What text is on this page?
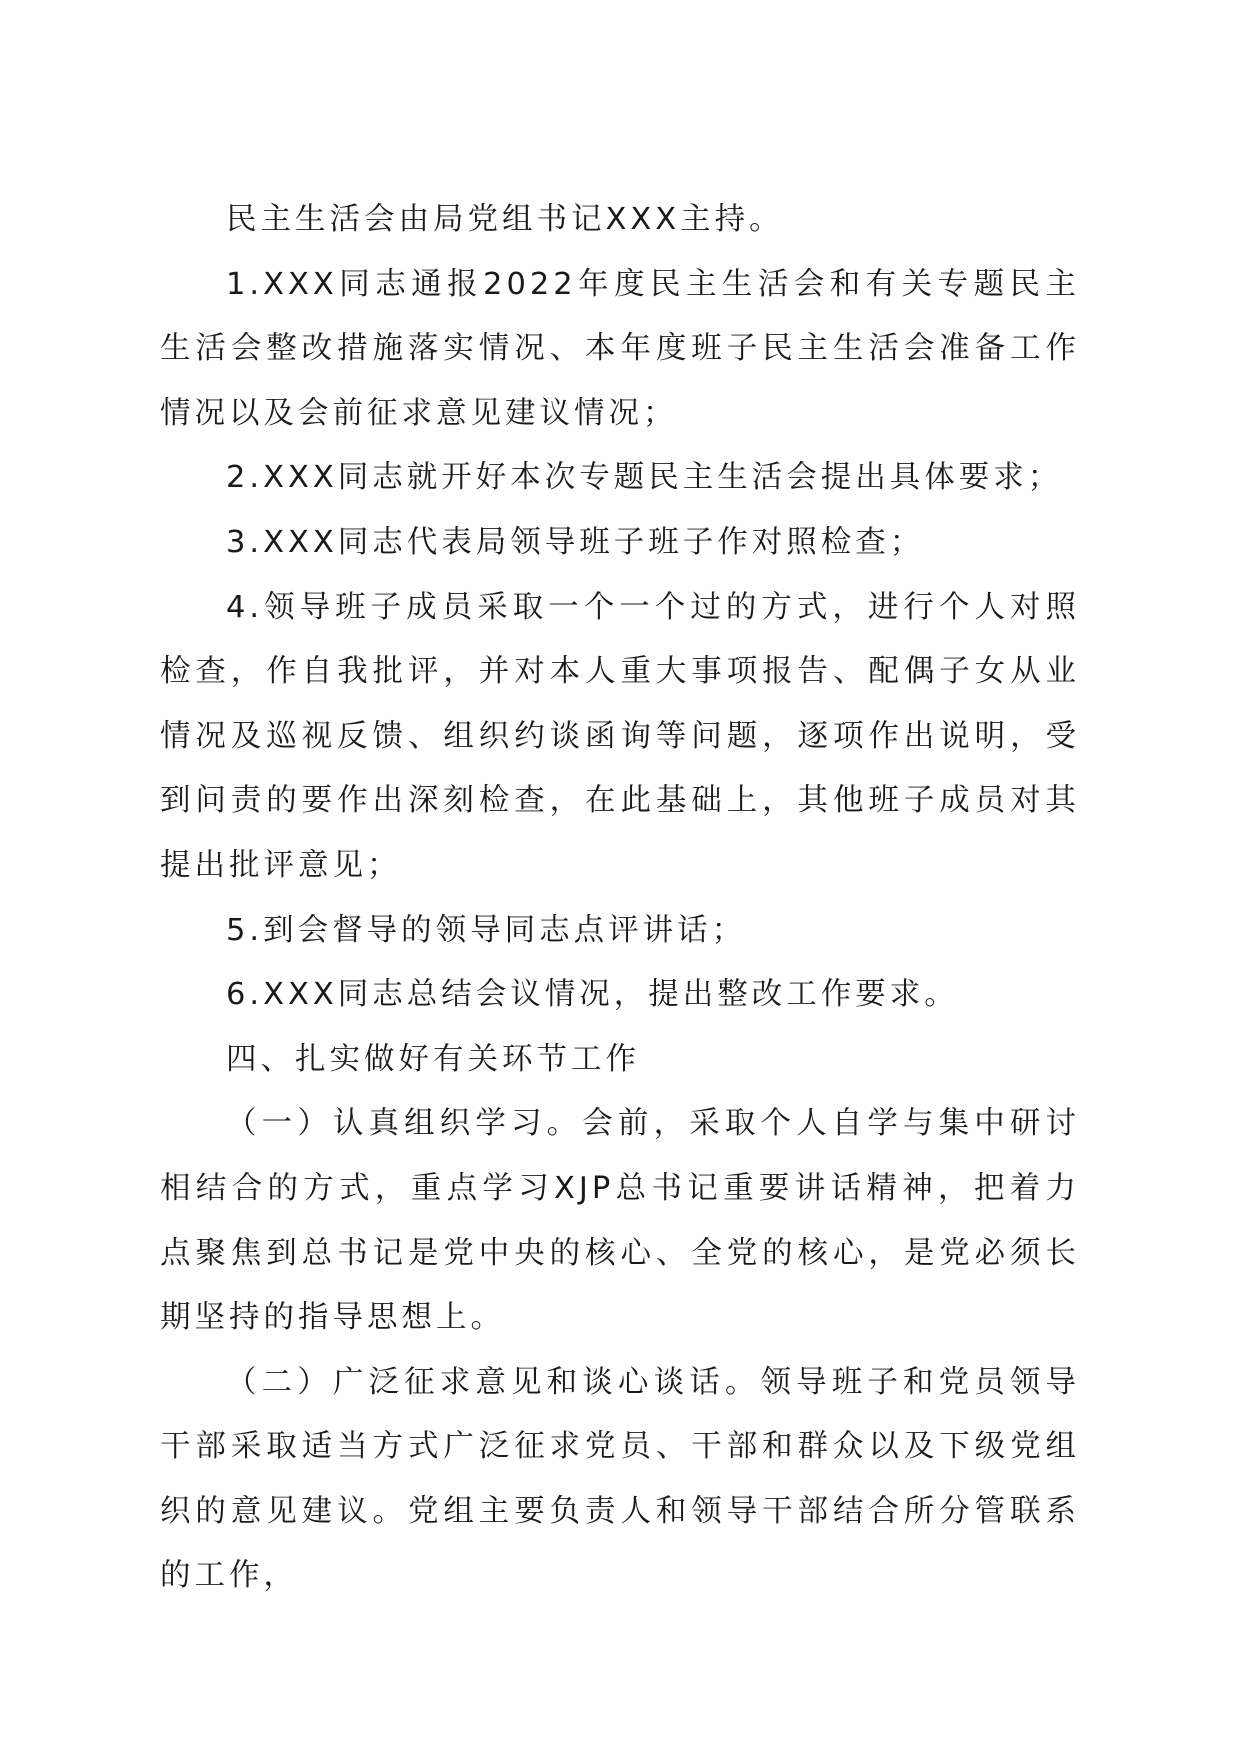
民主生活会由局党组书记XXX主持。

1.XXX同志通报2022年度民主生活会和有关专题民主生活会整改措施落实情况、本年度班子民主生活会准备工作情况以及会前征求意见建议情况；

2.XXX同志就开好本次专题民主生活会提出具体要求；

3.XXX同志代表局领导班子班子作对照检查；

4.领导班子成员采取一个一个过的方式，进行个人对照检查，作自我批评，并对本人重大事项报告、配偶子女从业情况及巡视反馈、组织约谈函询等问题，逐项作出说明，受到问责的要作出深刻检查，在此基础上，其他班子成员对其提出批评意见；

5.到会督导的领导同志点评讲话；

6.XXX同志总结会议情况，提出整改工作要求。

四、扎实做好有关环节工作

（一）认真组织学习。会前，采取个人自学与集中研讨相结合的方式，重点学习XJP总书记重要讲话精神，把着力点聚焦到总书记是党中央的核心、全党的核心，是党必须长期坚持的指导思想上。

（二）广泛征求意见和谈心谈话。领导班子和党员领导干部采取适当方式广泛征求党员、干部和群众以及下级党组织的意见建议。党组主要负责人和领导干部结合所分管联系的工作，
